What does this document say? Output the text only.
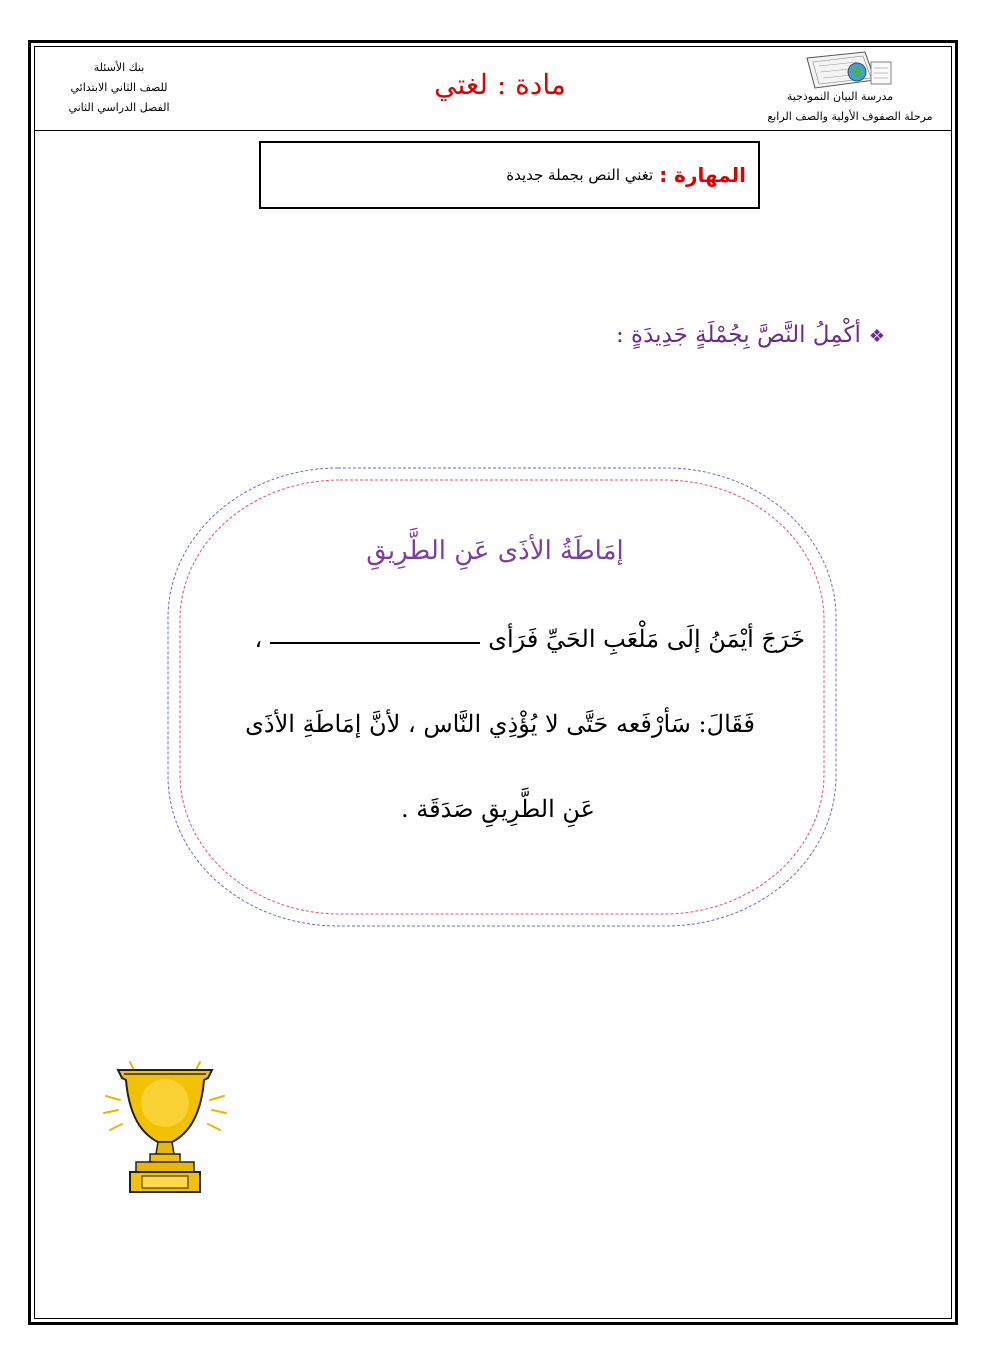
بنك الأسئلة
للصف الثاني الابتدائي
الفصل الدراسي الثاني
مادة : لغتي	مدرسة البيان النموذجية
مرحلة الصفوف الأولية والصف الرابع
المهارة :
تغني النص بجملة جديدة
❖أكْمِلُ النَّصَّ بِجُمْلَةٍ جَدِيدَةٍ :
إمَاطَةُ الأذَى عَنِ الطَّرِيقِ
خَرَجَ أيْمَنُ إلَى مَلْعَبِ الحَيِّ فَرَأى،
فَقَالَ: سَأرْفَعه حَتَّى لا يُؤْذِي النَّاس ، لأنَّ إمَاطَةِ الأذَى
عَنِ الطَّرِيقِ صَدَقَة .
